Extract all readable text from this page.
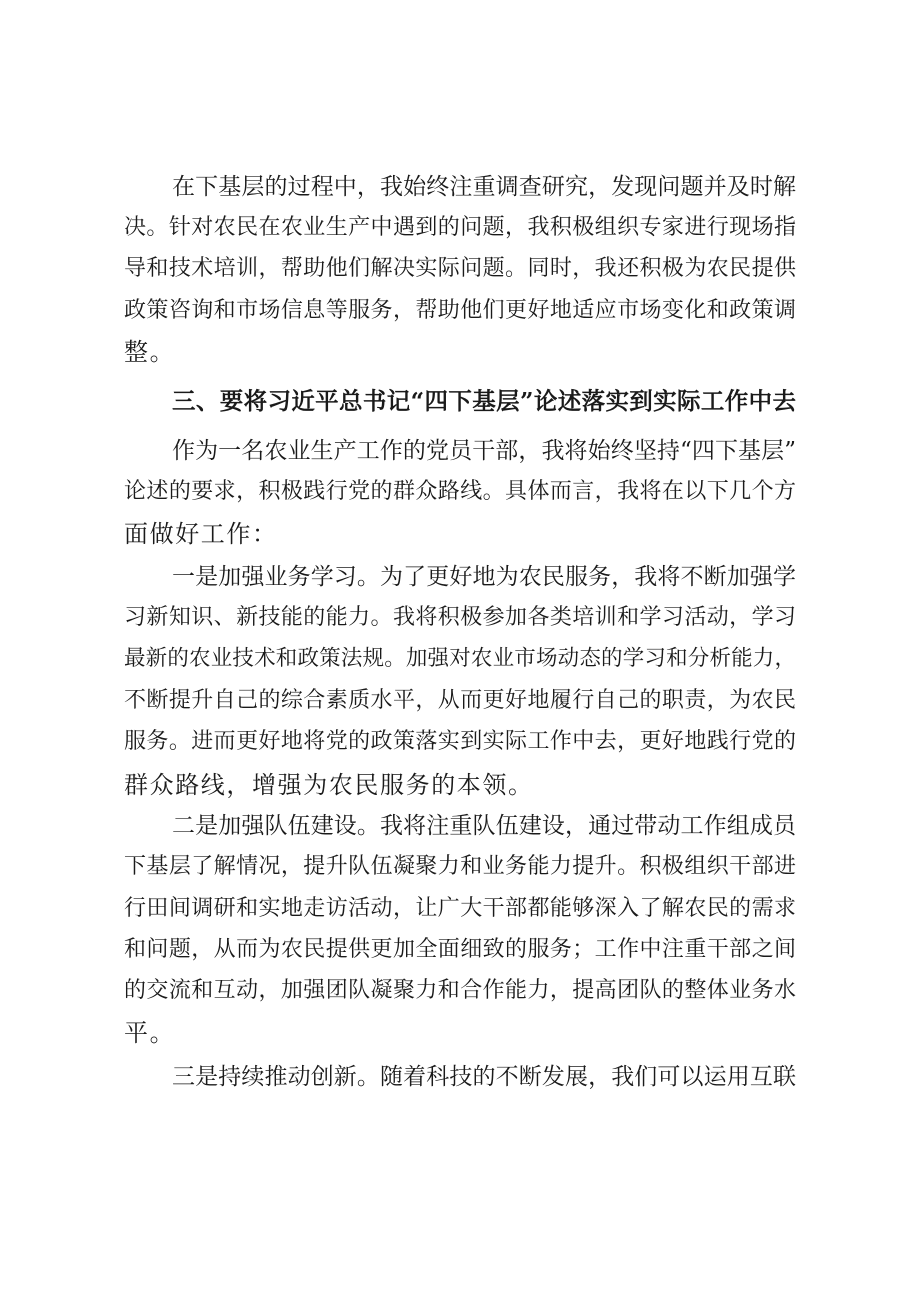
在下基层的过程中，我始终注重调查研究，发现问题并及时解
决。针对农民在农业生产中遇到的问题，我积极组织专家进行现场指
导和技术培训，帮助他们解决实际问题。同时，我还积极为农民提供
政策咨询和市场信息等服务，帮助他们更好地适应市场变化和政策调
整。
三、要将习近平总书记“四下基层”论述落实到实际工作中去
作为一名农业生产工作的党员干部，我将始终坚持“四下基层”
论述的要求，积极践行党的群众路线。具体而言，我将在以下几个方
面做好工作：
一是加强业务学习。为了更好地为农民服务，我将不断加强学
习新知识、新技能的能力。我将积极参加各类培训和学习活动，学习
最新的农业技术和政策法规。加强对农业市场动态的学习和分析能力，
不断提升自己的综合素质水平，从而更好地履行自己的职责，为农民
服务。进而更好地将党的政策落实到实际工作中去，更好地践行党的
群众路线，增强为农民服务的本领。
二是加强队伍建设。我将注重队伍建设，通过带动工作组成员
下基层了解情况，提升队伍凝聚力和业务能力提升。积极组织干部进
行田间调研和实地走访活动，让广大干部都能够深入了解农民的需求
和问题，从而为农民提供更加全面细致的服务；工作中注重干部之间
的交流和互动，加强团队凝聚力和合作能力，提高团队的整体业务水
平。
三是持续推动创新。随着科技的不断发展，我们可以运用互联
